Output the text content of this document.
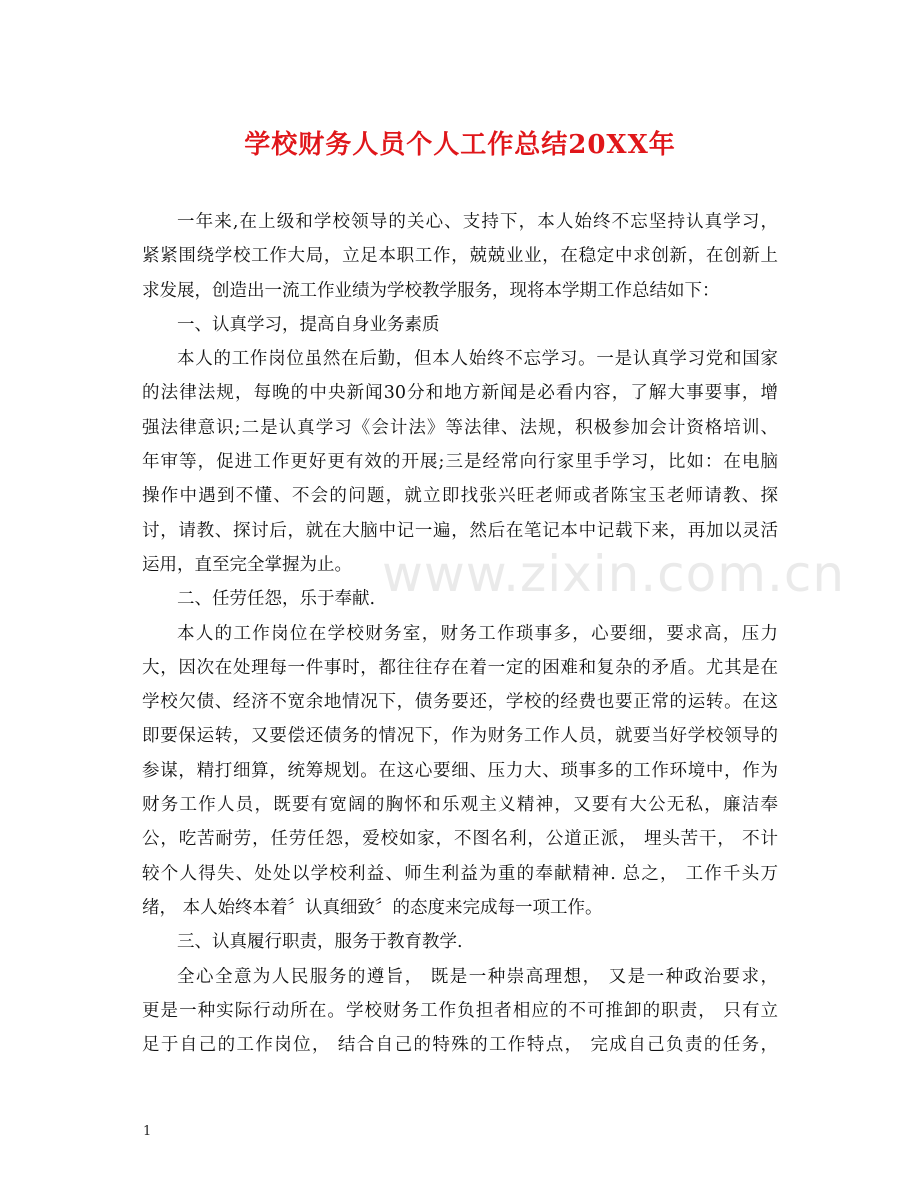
学校财务人员个人工作总结20XX年
一年来,在上级和学校领导的关心、支持下，本人始终不忘坚持认真学习，
紧紧围绕学校工作大局，立足本职工作，兢兢业业，在稳定中求创新，在创新上
求发展，创造出一流工作业绩为学校教学服务，现将本学期工作总结如下：
一、认真学习，提高自身业务素质
本人的工作岗位虽然在后勤，但本人始终不忘学习。一是认真学习党和国家
的法律法规，每晚的中央新闻30分和地方新闻是必看内容，了解大事要事，增
强法律意识;二是认真学习《会计法》等法律、法规，积极参加会计资格培训、
年审等，促进工作更好更有效的开展;三是经常向行家里手学习，比如：在电脑
操作中遇到不懂、不会的问题，就立即找张兴旺老师或者陈宝玉老师请教、探
讨，请教、探讨后，就在大脑中记一遍，然后在笔记本中记载下来，再加以灵活
运用，直至完全掌握为止。
二、任劳任怨，乐于奉献.
本人的工作岗位在学校财务室，财务工作琐事多，心要细，要求高，压力
大，因次在处理每一件事时，都往往存在着一定的困难和复杂的矛盾。尤其是在
学校欠债、经济不宽余地情况下，债务要还，学校的经费也要正常的运转。在这
即要保运转，又要偿还债务的情况下，作为财务工作人员，就要当好学校领导的
参谋，精打细算，统筹规划。在这心要细、压力大、琐事多的工作环境中，作为
财务工作人员，既要有宽阔的胸怀和乐观主义精神，又要有大公无私，廉洁奉
公，吃苦耐劳，任劳任怨，爱校如家，不图名利，公道正派， 埋头苦干， 不计
较个人得失、处处以学校利益、师生利益为重的奉献精神. 总之， 工作千头万
绪， 本人始终本着〞认真细致〞的态度来完成每一项工作。
三、认真履行职责，服务于教育教学.
全心全意为人民服务的遵旨， 既是一种崇高理想， 又是一种政治要求，
更是一种实际行动所在。学校财务工作负担者相应的不可推卸的职责， 只有立
足于自己的工作岗位， 结合自己的特殊的工作特点， 完成自己负责的任务，
www.zixin.com.cn
1
